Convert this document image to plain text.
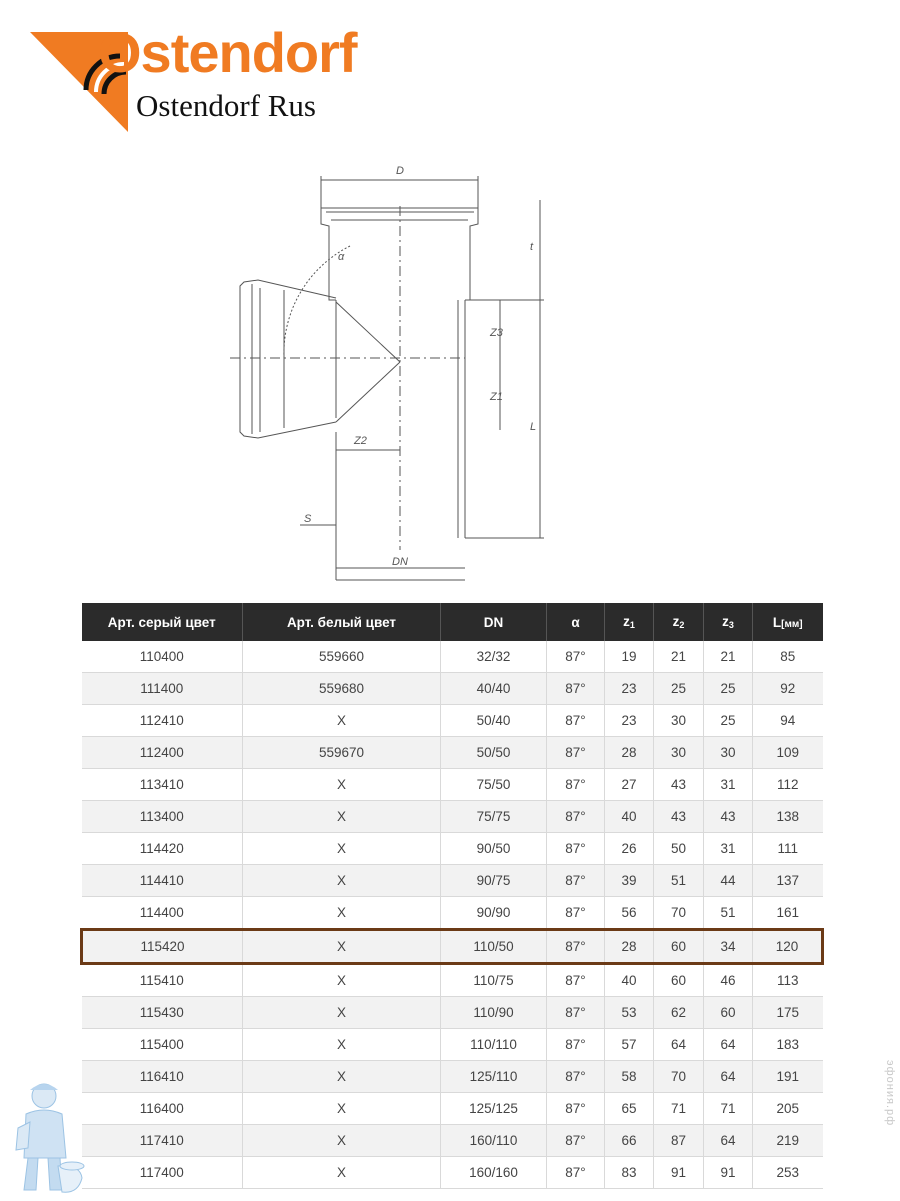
Ostendorf
Ostendorf Rus
D
α
t
Z3
Z1
L
Z2
S
DN
Арт. серый цвет	Арт. белый цвет	DN	α	$z_1$	$z_2$	$z_3$	L[мм]
110400	559660	32/32	87°	19	21	21	85
111400	559680	40/40	87°	23	25	25	92
112410	X	50/40	87°	23	30	25	94
112400	559670	50/50	87°	28	30	30	109
113410	X	75/50	87°	27	43	31	112
113400	X	75/75	87°	40	43	43	138
114420	X	90/50	87°	26	50	31	111
114410	X	90/75	87°	39	51	44	137
114400	X	90/90	87°	56	70	51	161
115420	X	110/50	87°	28	60	34	120
115410	X	110/75	87°	40	60	46	113
115430	X	110/90	87°	53	62	60	175
115400	X	110/110	87°	57	64	64	183
116410	X	125/110	87°	58	70	64	191
116400	X	125/125	87°	65	71	71	205
117410	X	160/110	87°	66	87	64	219
117400	X	160/160	87°	83	91	91	253
эфония.рф
